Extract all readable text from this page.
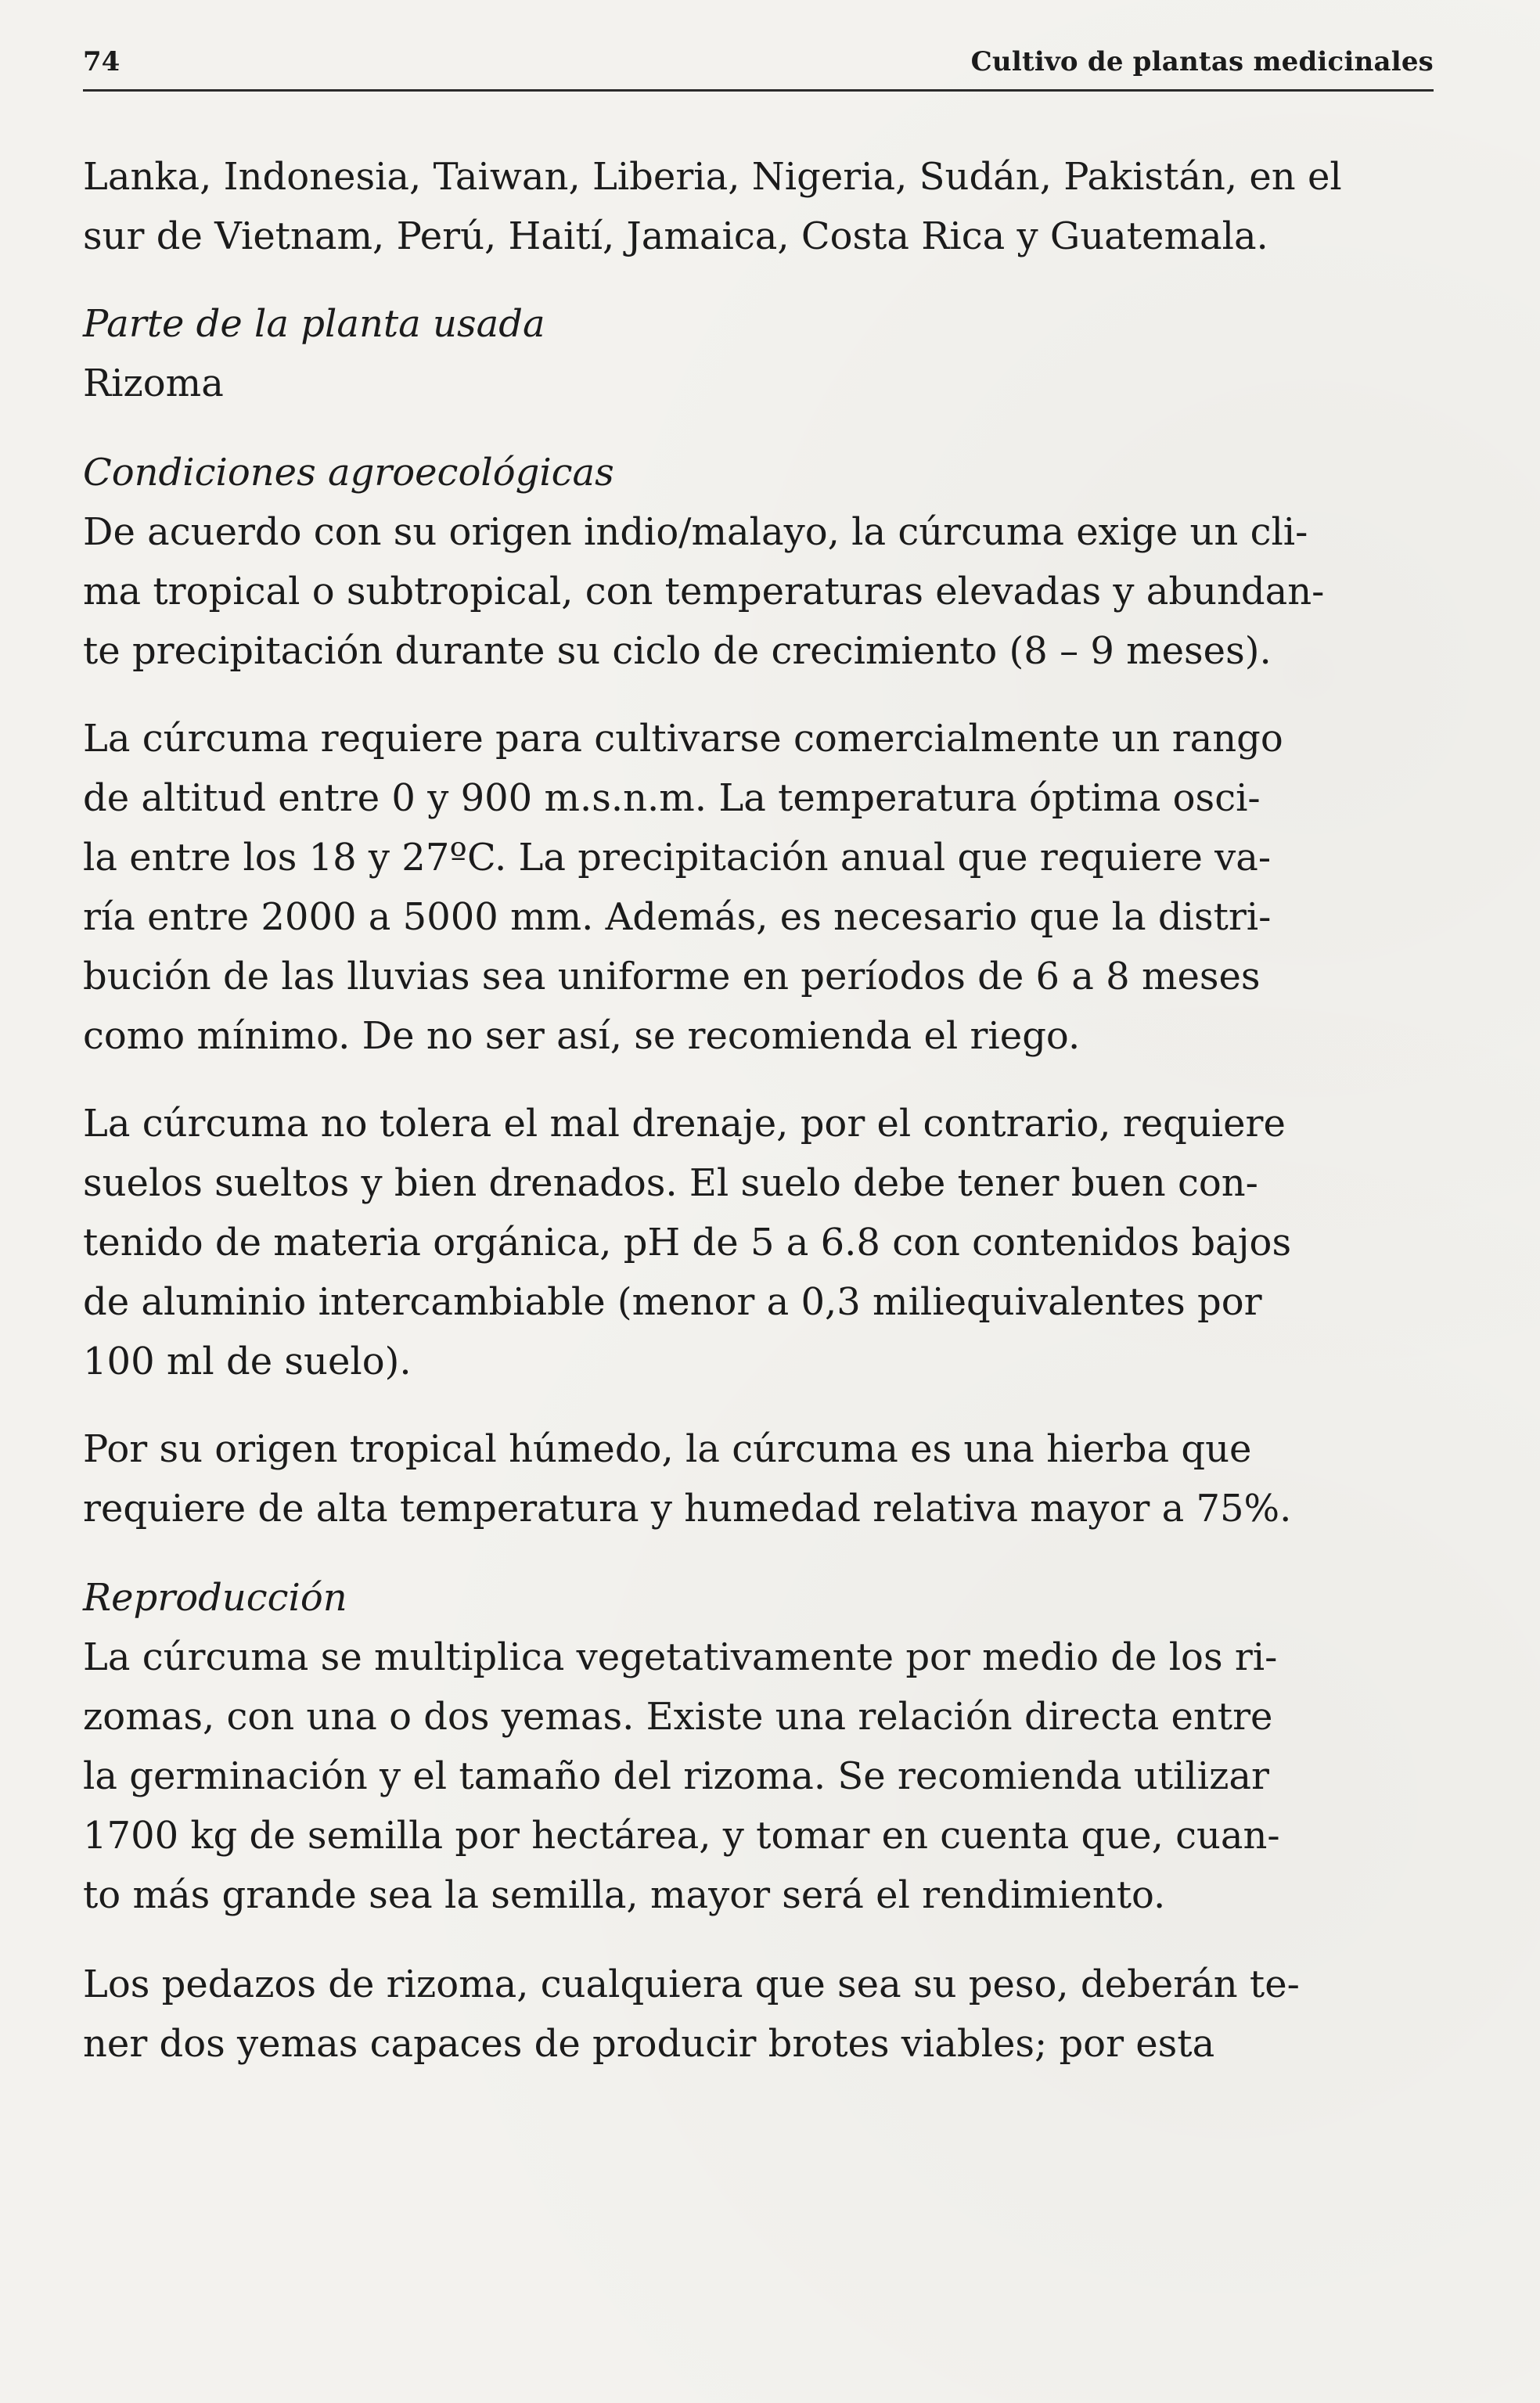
74	Cultivo de plantas medicinales

Lanka, Indonesia, Taiwan, Liberia, Nigeria, Sudán, Pakistán, en el
sur de Vietnam, Perú, Haití, Jamaica, Costa Rica y Guatemala.

Parte de la planta usada

Rizoma

Condiciones agroecológicas

De acuerdo con su origen indio/malayo, la cúrcuma exige un cli-
ma tropical o subtropical, con temperaturas elevadas y abundan-
te precipitación durante su ciclo de crecimiento (8 – 9 meses).

La cúrcuma requiere para cultivarse comercialmente un rango
de altitud entre 0 y 900 m.s.n.m. La temperatura óptima osci-
la entre los 18 y 27ºC. La precipitación anual que requiere va-
ría entre 2000 a 5000 mm. Además, es necesario que la distri-
bución de las lluvias sea uniforme en períodos de 6 a 8 meses
como mínimo. De no ser así, se recomienda el riego.

La cúrcuma no tolera el mal drenaje, por el contrario, requiere
suelos sueltos y bien drenados. El suelo debe tener buen con-
tenido de materia orgánica, pH de 5 a 6.8 con contenidos bajos
de aluminio intercambiable (menor a 0,3 miliequivalentes por
100 ml de suelo).

Por su origen tropical húmedo, la cúrcuma es una hierba que
requiere de alta temperatura y humedad relativa mayor a 75%.

Reproducción

La cúrcuma se multiplica vegetativamente por medio de los ri-
zomas, con una o dos yemas. Existe una relación directa entre
la germinación y el tamaño del rizoma. Se recomienda utilizar
1700 kg de semilla por hectárea, y tomar en cuenta que, cuan-
to más grande sea la semilla, mayor será el rendimiento.

Los pedazos de rizoma, cualquiera que sea su peso, deberán te-
ner dos yemas capaces de producir brotes viables; por esta
